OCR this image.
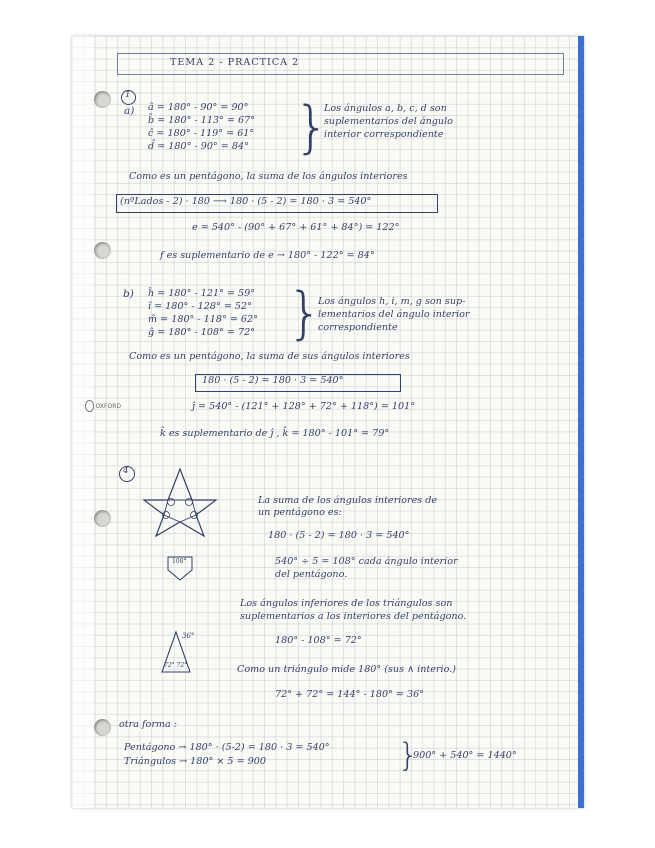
OXFORD
TEMA 2 - PRACTICA 2
1
a) â = 180° - 90° = 90°
b̂ = 180° - 113° = 67°
ĉ = 180° - 119° = 61°
d̂ = 180° - 90° = 84° }
Los ángulos a, b, c, d son
suplementarios del ángulo
interior correspondiente
Como es un pentágono, la suma de los ángulos interiores
(nºLados - 2) · 180 ⟶ 180 · (5 - 2) = 180 · 3 = 540°
e = 540° - (90° + 67° + 61° + 84°) = 122°
f es suplementario de e → 180° - 122° = 84°
b) ĥ = 180° - 121° = 59°
î = 180° - 128° = 52°
m̂ = 180° - 118° = 62°
ĝ = 180° - 108° = 72° }
Los ángulos h, i, m, g son sup-
lementarios del ángulo interior
correspondiente
Como es un pentágono, la suma de sus ángulos interiores
180 · (5 - 2) = 180 · 3 = 540°
ĵ = 540° - (121° + 128° + 72° + 118°) = 101°
k̂ es suplementario de ĵ , k̂ = 180° - 101° = 79°
4
La suma de los ángulos interiores de
un pentágono es:
180 · (5 - 2) = 180 · 3 = 540°
108°	540° ÷ 5 = 108° cada ángulo interior
del pentágono.
Los ángulos inferiores de los triángulos son
suplementarios a los interiores del pentágono.
180° - 108° = 72°
36°
72° 72°	Como un triángulo mide 180° (sus ∧ interio.)
72° + 72° = 144° - 180° = 36°
otra forma :
Pentágono → 180° · (5-2) = 180 · 3 = 540°
Triángulos → 180° × 5 = 900	}
900° + 540° = 1440°
